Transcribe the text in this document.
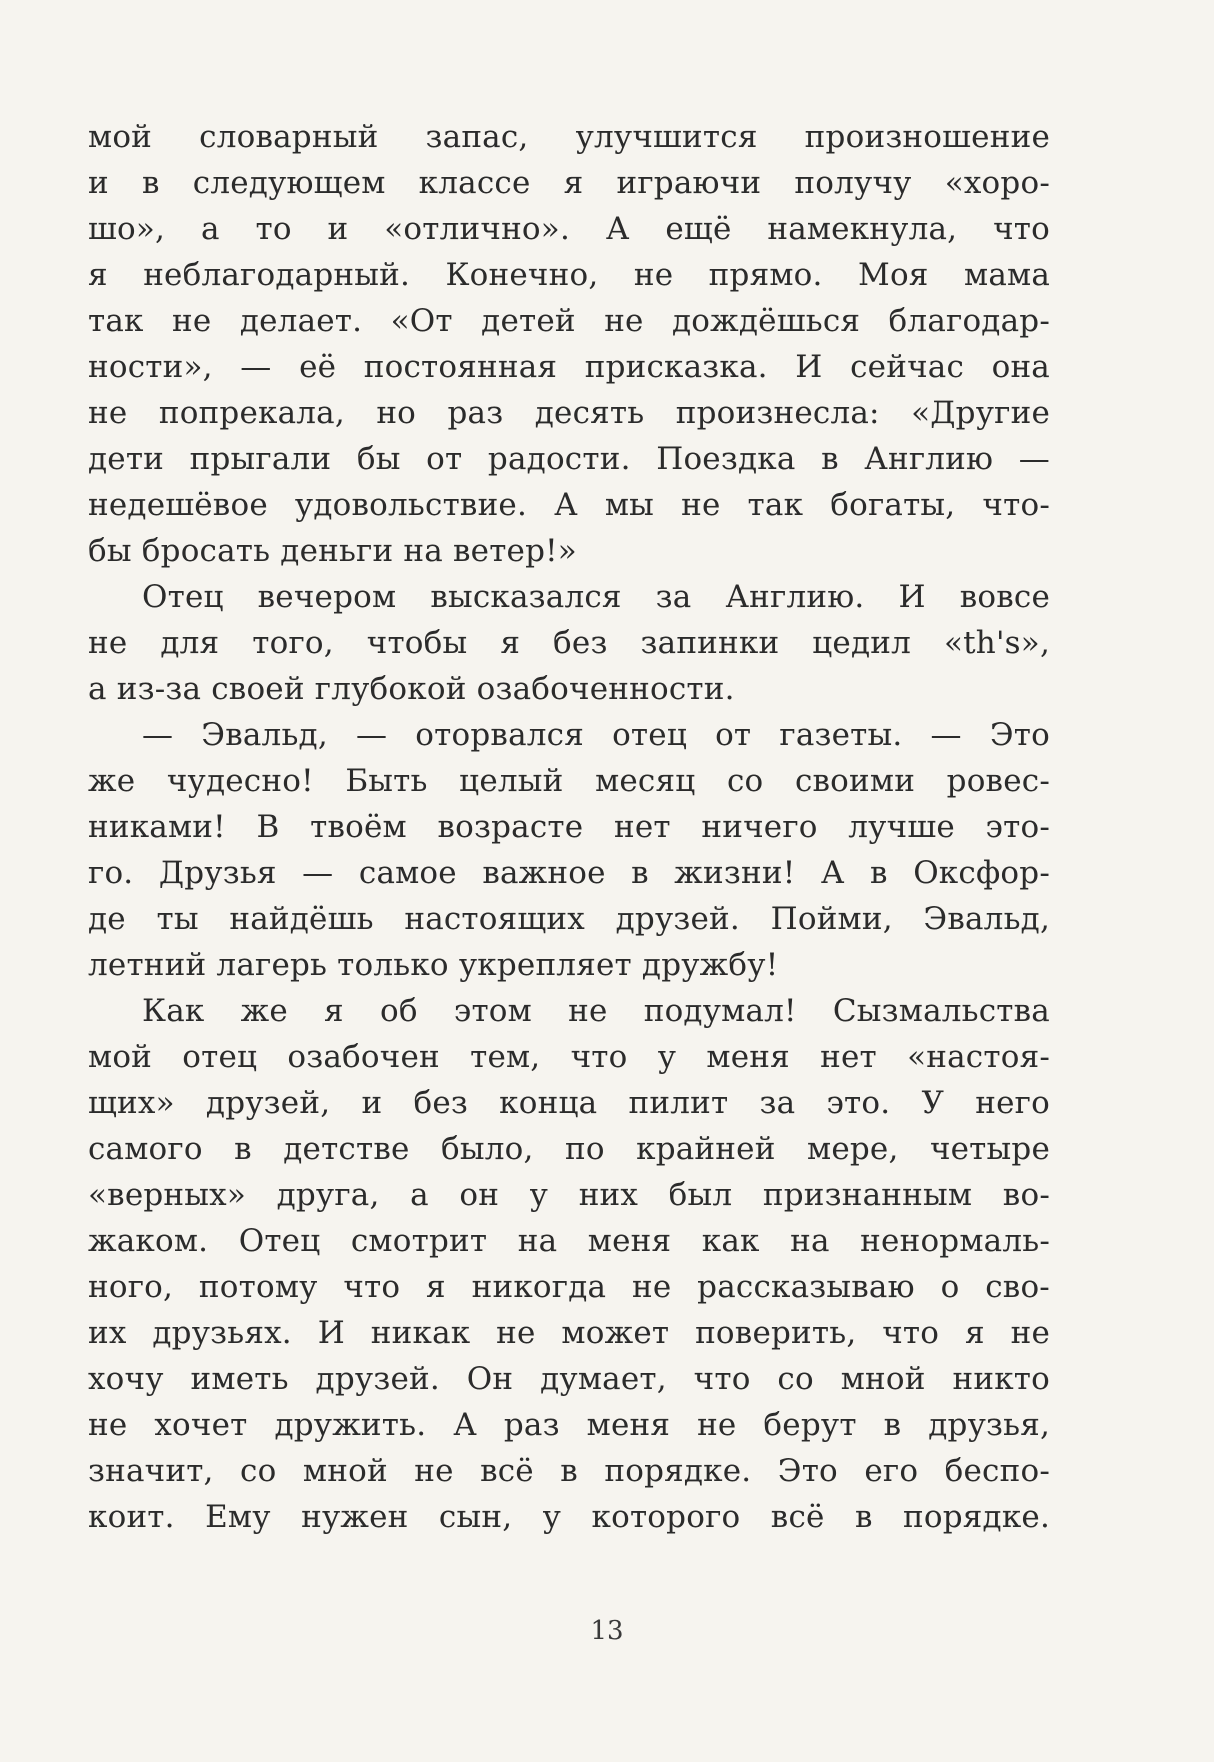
мой словарный запас, улучшится произношение
и в следующем классе я играючи получу «хоро-
шо», а то и «отлично». А ещё намекнула, что
я неблагодарный. Конечно, не прямо. Моя мама
так не делает. «От детей не дождёшься благодар-
ности», — её постоянная присказка. И сейчас она
не попрекала, но раз десять произнесла: «Другие
дети прыгали бы от радости. Поездка в Англию —
недешёвое удовольствие. А мы не так богаты, что-
бы бросать деньги на ветер!»
Отец вечером высказался за Англию. И вовсе
не для того, чтобы я без запинки цедил «th's»,
а из-за своей глубокой озабоченности.
— Эвальд, — оторвался отец от газеты. — Это
же чудесно! Быть целый месяц со своими ровес-
никами! В твоём возрасте нет ничего лучше это-
го. Друзья — самое важное в жизни! А в Оксфор-
де ты найдёшь настоящих друзей. Пойми, Эвальд,
летний лагерь только укрепляет дружбу!
Как же я об этом не подумал! Сызмальства
мой отец озабочен тем, что у меня нет «настоя-
щих» друзей, и без конца пилит за это. У него
самого в детстве было, по крайней мере, четыре
«верных» друга, а он у них был признанным во-
жаком. Отец смотрит на меня как на ненормаль-
ного, потому что я никогда не рассказываю о сво-
их друзьях. И никак не может поверить, что я не
хочу иметь друзей. Он думает, что со мной никто
не хочет дружить. А раз меня не берут в друзья,
значит, со мной не всё в порядке. Это его беспо-
коит. Ему нужен сын, у которого всё в порядке.
13
